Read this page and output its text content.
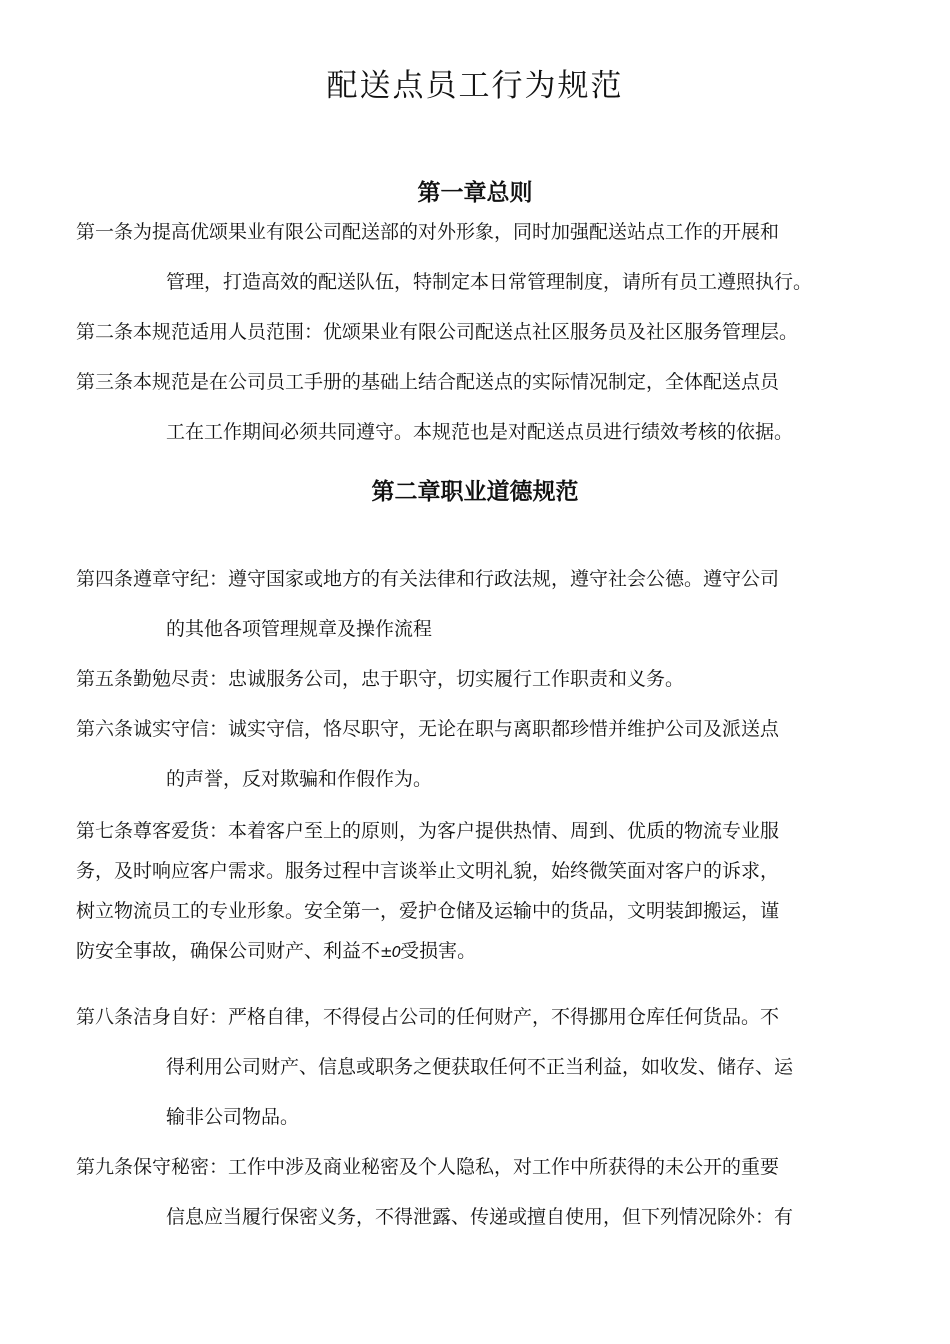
配送点员工行为规范
第一章总则
第一条为提高优颂果业有限公司配送部的对外形象，同时加强配送站点工作的开展和
管理，打造高效的配送队伍，特制定本日常管理制度，请所有员工遵照执行。
第二条本规范适用人员范围：优颂果业有限公司配送点社区服务员及社区服务管理层。
第三条本规范是在公司员工手册的基础上结合配送点的实际情况制定，全体配送点员
工在工作期间必须共同遵守。本规范也是对配送点员进行绩效考核的依据。
第二章职业道德规范
第四条遵章守纪：遵守国家或地方的有关法律和行政法规，遵守社会公德。遵守公司
的其他各项管理规章及操作流程
第五条勤勉尽责：忠诚服务公司，忠于职守，切实履行工作职责和义务。
第六条诚实守信：诚实守信，恪尽职守，无论在职与离职都珍惜并维护公司及派送点
的声誉，反对欺骗和作假作为。
第七条尊客爱货：本着客户至上的原则，为客户提供热情、周到、优质的物流专业服
务，及时响应客户需求。服务过程中言谈举止文明礼貌，始终微笑面对客户的诉求，
树立物流员工的专业形象。安全第一，爱护仓储及运输中的货品，文明装卸搬运，谨
防安全事故，确保公司财产、利益不±0受损害。
第八条洁身自好：严格自律，不得侵占公司的任何财产，不得挪用仓库任何货品。不
得利用公司财产、信息或职务之便获取任何不正当利益，如收发、储存、运
输非公司物品。
第九条保守秘密：工作中涉及商业秘密及个人隐私，对工作中所获得的未公开的重要
信息应当履行保密义务，不得泄露、传递或擅自使用，但下列情况除外：有
